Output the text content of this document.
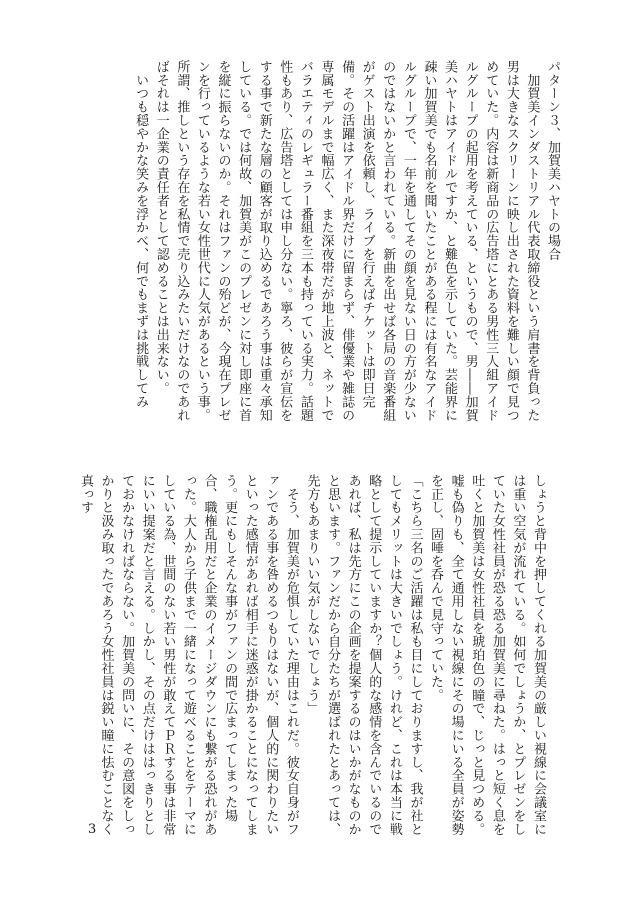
パターン３、加賀美ハヤトの場合

　加賀美インダストリアル代表取締役という肩書を背負った男は大きなスクリーンに映し出された資料を難しい顔で見つめていた。内容は新商品の広告塔にとある男性三人組アイドルグループの起用を考えている、というもので、男――加賀美ハヤトはアイドルですか、と難色を示していた。芸能界に疎い加賀美でも名前を聞いたことがある程には有名なアイドルグループで、一年を通してその顔を見ない日の方が少ないのではないかと言われている。新曲を出せば各局の音楽番組がゲスト出演を依頼し、ライブを行えばチケットは即日完備。その活躍はアイドル界だけに留まらず、俳優業や雑誌の専属モデルまで幅広く、また深夜帯だが地上波と、ネットでバラエティのレギュラー番組を三本も持っている実力。話題性もあり、広告塔としては申し分ない。寧ろ、彼らが宣伝をする事で新たな層の顧客が取り込めるであろう事は重々承知している。では何故、加賀美がこのプレゼンに対し即座に首を縦に振らないのか。それはファンの殆どが、今現在プレゼンを行っているような若い女性世代に人気があるという事。所謂、推しという存在を私情で売り込みたいだけなのであればそれは一企業の責任者として認めることは出来ない。

　いつも穏やかな笑みを浮かべ、何でもまずは挑戦してみ

しょうと背中を押してくれる加賀美の厳しい視線に会議室には重い空気が流れている。如何でしょうか、とプレゼンをしていた女性社員が恐る恐る加賀美に尋ねた。はっと短く息を吐くと加賀美は女性社員を琥珀色の瞳で、じっと見つめる。嘘も偽りも、全て通用しない視線にその場にいる全員が姿勢を正し、固唾を呑んで見守っていた。

「こちら三名のご活躍は私も目にしておりますし、我が社としてもメリットは大きいでしょう。けれど、これは本当に戦略として提示していますか？個人的な感情を含んでいるのであれば、私は先方にこの企画を提案するのはいかがなものかと思います。ファンだから自分たちが選ばれたとあっては、先方もあまりいい気がしないでしょう」

　そう、加賀美が危惧していた理由はこれだ。彼女自身がファンである事を咎めるつもりはないが、個人的に関わりたいといった感情があれば相手に迷惑が掛かることになってしまう。更にもしそんな事がファンの間で広まってしまった場合、職権乱用だと企業のイメージダウンにも繋がる恐れがあった。大人から子供まで一緒になって遊べることをテーマにしている為、世間のない若い男性が敢えてＰＲする事は非常にいい提案だと言える。しかし、その点だけははっきりとしておかなければならない。加賀美の問いに、その意図をしっかりと汲み取ったであろう女性社員は鋭い瞳に怯むことなく真っす

3
